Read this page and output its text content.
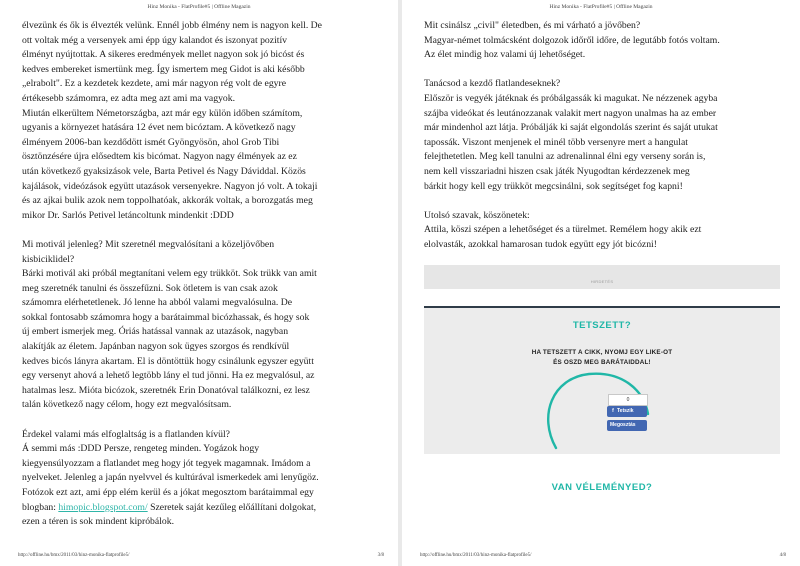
Hinz Monika - FlatProfile#5 | Offline Magazin

élvezünk és ők is élvezték velünk. Ennél jobb élmény nem is nagyon kell. De

ott voltak még a versenyek ami épp úgy kalandot és iszonyat pozitív

élményt nyújtottak. A sikeres eredmények mellet nagyon sok jó bicóst és

kedves embereket ismertünk meg. Így ismertem meg Gidot is aki később

„elrabolt". Ez a kezdetek kezdete, ami már nagyon rég volt de egyre

értékesebb számomra, ez adta meg azt ami ma vagyok.

Miután elkerültem Németországba, azt már egy külön időben számítom,

ugyanis a környezet hatására 12 évet nem bicóztam. A következő nagy

élményem 2006-ban kezdődött ismét Gyöngyösön, ahol Grob Tibi

ösztönzésére újra elősedtem kis bicómat. Nagyon nagy élmények az ez

után következő gyaksizások vele, Barta Petivel és Nagy Dáviddal. Közös

kajálások, videózások együtt utazások versenyekre. Nagyon jó volt. A tokaji

és az ajkai bulik azok nem toppolhatóak, akkorák voltak, a borozgatás meg

mikor Dr. Sarlós Petivel letáncoltunk mindenkit :DDD

Mi motivál jelenleg? Mit szeretnél megvalósítani a közeljövőben

kisbiciklidel?

Bárki motivál aki próbál megtanítani velem egy trükköt. Sok trükk van amit

meg szeretnék tanulni és összefűzni. Sok ötletem is van csak azok

számomra elérhetetlenek. Jó lenne ha abból valami megvalósulna. De

sokkal fontosabb számomra hogy a barátaimmal bicózhassak, és hogy sok

új embert ismerjek meg. Óriás hatással vannak az utazások, nagyban

alakítják az életem. Japánban nagyon sok ügyes szorgos és rendkívül

kedves bicós lányra akartam. El is döntöttük hogy csinálunk egyszer együtt

egy versenyt ahová a lehető legtöbb lány el tud jönni. Ha ez megvalósul, az

hatalmas lesz. Mióta bicózok, szeretnék Erin Donatóval találkozni, ez lesz

talán következő nagy célom, hogy ezt megvalósítsam.

Érdekel valami más elfoglaltság is a flatlanden kívül?

Á semmi más :DDD Persze, rengeteg minden. Yogázok hogy

kiegyensúlyozzam a flatlandet meg hogy jót tegyek magamnak. Imádom a

nyelveket. Jelenleg a japán nyelvvel és kultúrával ismerkedek ami lenyűgöz.

Fotózok ezt azt, ami épp elém kerül és a jókat megosztom barátaimmal egy

blogban: himopic.blogspot.com/ Szeretek saját kezűleg előállítani dolgokat,

ezen a téren is sok mindent kipróbálok.

http://offline.hu/bmx/2011/03/hinz-monika-flatprofile5/	3/8
Hinz Monika - FlatProfile#5 | Offline Magazin

Mit csinálsz „civil" életedben, és mi várható a jövőben?

Magyar-német tolmácsként dolgozok időről időre, de legutább fotós voltam.

Az élet mindig hoz valami új lehetőséget.

Tanácsod a kezdő flatlandeseknek?

Először is vegyék játéknak és próbálgassák ki magukat. Ne nézzenek agyba

szájba videókat és leutánozzanak valakit mert nagyon unalmas ha az ember

már mindenhol azt látja. Próbálják ki saját elgondolás szerint és saját utukat

tapossák. Viszont menjenek el minél több versenyre mert a hangulat

felejthetetlen. Meg kell tanulni az adrenalinnal élni egy verseny során is,

nem kell visszariadni hiszen csak játék Nyugodtan kérdezzenek meg

bárkit hogy kell egy trükköt megcsinálni, sok segítséget fog kapni!

Utolsó szavak, köszönetek:

Attila, köszi szépen a lehetőséget és a türelmet. Remélem hogy akik ezt

elolvasták, azokkal hamarosan tudok együtt egy jót bicózni!

HIRDETÉS
TETSZETT?
HA TETSZETT A CIKK, NYOMJ EGY LIKE-OT
ÉS OSZD MEG BARÁTAIDDAL!
0
f Tetszik
Megosztás
VAN VÉLEMÉNYED?
http://offline.hu/bmx/2011/03/hinz-monika-flatprofile5/	4/8
